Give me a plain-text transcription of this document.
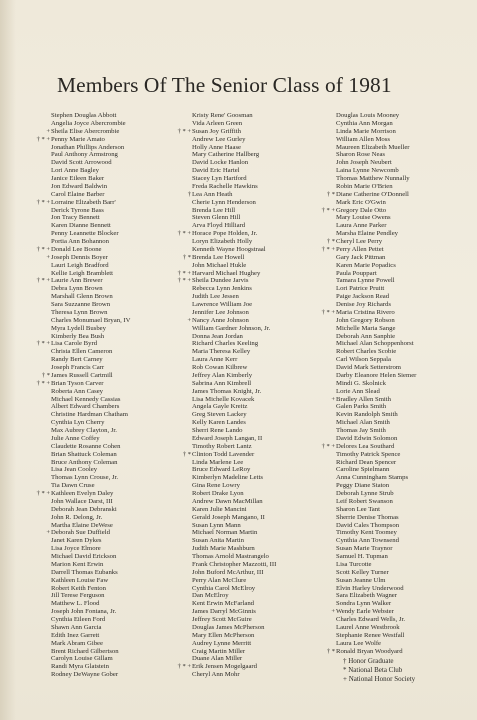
Members Of The Senior Class of 1981
Stephen Douglas Abbott
Angelia Joyce Abercrombie
+ Sheila Elise Abercrombie
† * + Penny Marie Amato
Jonathan Phillips Anderson
Paul Anthony Armstrong
David Scott Arrowood
Lori Anne Bagley
Janice Eileen Baker
Jon Edward Baldwin
Carol Elaine Barber
† * + Lorraine Elizabeth Barr'
Derick Tyrone Bass
Jon Tracy Bennett
Karen Dianne Bennett
Penny Leannette Blocker
Portia Ann Bohannon
† * + Donald Lee Boone
+ Joseph Dennis Boyer
Lauri Leigh Bradford
Kellie Leigh Bramblett
† * + Laurie Ann Brewer
Debra Lynn Brown
Marshall Glenn Brown
Sara Suzzanne Brown
Theresa Lynn Brown
Charles Monumael Bryan, IV
Myra Lydell Busbey
Kimberly Bea Bush
† * + Lisa Carole Byrd
Christa Ellen Cameron
Randy Bert Carney
Joseph Francis Carr
† * James Russell Cartmill
† * + Brian Tyson Carver
Roberta Ann Casey
Michael Kennedy Cassias
Albert Edward Chambers
Christine Hardman Chatham
Cynthia Lyn Cherry
Max Aubrey Clayton, Jr.
Julie Anne Coffey
Claudette Rosanne Cohen
Brian Shattuck Coleman
Bruce Anthony Coleman
Lisa Jean Cooley
Thomas Lynn Crouse, Jr.
Tia Dawn Cruse
† * + Kathleen Evelyn Daley
John Wallace Darst, III
Deborah Jean Debranski
John R. Delong, Jr.
Martha Elaine DeWese
+ Deborah Sue Duffield
Janet Karen Dykes
Lisa Joyce Elmore
Michael David Erickson
Marion Kent Erwin
Darrell Thomas Eubanks
Kathleen Louise Faw
Robert Keith Fenton
Jill Terese Ferguson
Matthew L. Flood
Joseph John Fontana, Jr.
Cynthia Eileen Ford
Shawn Ann Garcia
Edith Inez Garrett
Mark Abram Gibee
Brent Richard Gilbertson
Carolyn Louise Gillam
Randi Myra Glatstein
Rodney DeWayne Gober
Kristy Rene' Goosman
Vida Arleen Green
† * + Susan Joy Griffith
Andrew Lee Gurley
Holly Anne Haase
Mary Catherine Hallberg
David Locke Hanlon
David Eric Hartel
Stacey Lyn Hartford
Freda Rachelle Hawkins
† Lea Ann Heath
Cherie Lynn Henderson
Brenda Lee Hill
Steven Glenn Hill
Arva Floyd Hilliard
† * + Horace Pope Holden, Jr.
Loryn Elizabeth Holly
Kenneth Wayne Hoogstraal
† * Brenda Lee Howell
John Michael Hukle
† * + Harvard Michael Hughey
† * + Sheila Dundee Jarvis
Rebecca Lynn Jenkins
Judith Lee Jessen
Lawrence William Joe
Jennifer Lee Johnson
+ Nancy Anne Johnson
William Gardner Johnson, Jr.
Donna Jean Jordan
Richard Charles Keeling
Maria Theresa Kelley
Laura Anne Kerr
Rob Cowan Kilbrew
Jeffrey Alan Kimberly
Sabrina Ann Kimbrell
James Thomas Knight, Jr.
Lisa Michelle Kovacek
Angela Gayle Kreitz
Greg Steven Lackey
Kelly Karen Landes
Sherri Rene Lando
Edward Joseph Langan, II
Timothy Robert Lantz
† * Clinton Todd Lavender
Linda Marlene Lee
Bruce Edward LeRoy
Kimberlyn Madeline Letts
Gina Rene Lowry
Robert Drake Lyon
Andrew Dawn MacMillan
Karen Julie Mancini
Gerald Joseph Mangano, II
Susan Lynn Mann
Michael Norman Martin
Susan Anita Martin
Judith Marie Mashburn
Thomas Arnold Mastrangelo
Frank Christopher Mazzotti, III
John Buford McArthur, III
Perry Alan McClure
Cynthia Carol McElroy
Dan McElroy
Kent Erwin McFarland
James Darryl McGinnis
Jeffrey Scott McGuire
Douglas James McPherson
Mary Ellen McPherson
Audrey Lynne Merritt
Craig Martin Miller
Duane Alan Miller
† * + Erik Jensen Mogelgaard
Cheryl Ann Mohr
Douglas Louis Mooney
Cynthia Ann Morgan
Linda Marie Morrison
William Allen Moss
Maureen Elizabeth Mueller
Sharon Rose Neas
John Joseph Neubert
Laina Lynne Newcomb
Thomas Matthew Nunnally
Robin Marie O'Brien
† * Diane Catherine O'Donnell
Mark Eric O'Gwin
† * + Gregory Dale Otto
Mary Louise Owens
Laura Anne Parker
Marsha Elaine Pendley
† * Cheryl Lee Perry
† * + Perry Allen Pettet
Gary Jack Pittman
Karen Marie Popadics
Paula Pouppart
Tamara Lynne Powell
Lori Patrice Pruitt
Paige Jackson Read
Denise Joy Richards
† * + Maria Cristina Rivero
John Gregory Robson
Michelle Maria Sange
Deborah Ann Sanphie
Michael Alan Schoppenhorst
Robert Charles Scobie
Carl Wilson Seppala
David Mark Setterstrom
Darby Eleanore Helen Siemer
Mindi G. Skolnick
Lorie Ann Slead
+ Bradley Allen Smith
Galen Parks Smith
Kevin Randolph Smith
Michael Alan Smith
Thomas Jay Smith
David Edwin Solomon
† * + Delores Lea Southard
Timothy Patrick Spence
Richard Dean Spencer
Caroline Spielmann
Anna Cunningham Stamps
Peggy Diane Staton
Deborah Lynne Strub
Leif Robert Swanson
Sharon Lee Tant
Sherrie Denise Thomas
David Cales Thompson
Timothy Kent Toomey
Cynthia Ann Townsend
Susan Marie Traynor
Samuel H. Tupman
Lisa Turcotte
Scott Kelley Turner
Susan Jeanne Ulm
Elvin Harley Underwood
Sara Elizabeth Wagner
Sondra Lynn Walker
+ Wendy Earle Webster
Charles Edward Wells, Jr.
Laurel Anne Westbrook
Stephanie Renee Westfall
Laura Lee Wolfe
† * Ronald Bryan Woodyard
† Honor Graduate
* National Beta Club
+ National Honor Society
